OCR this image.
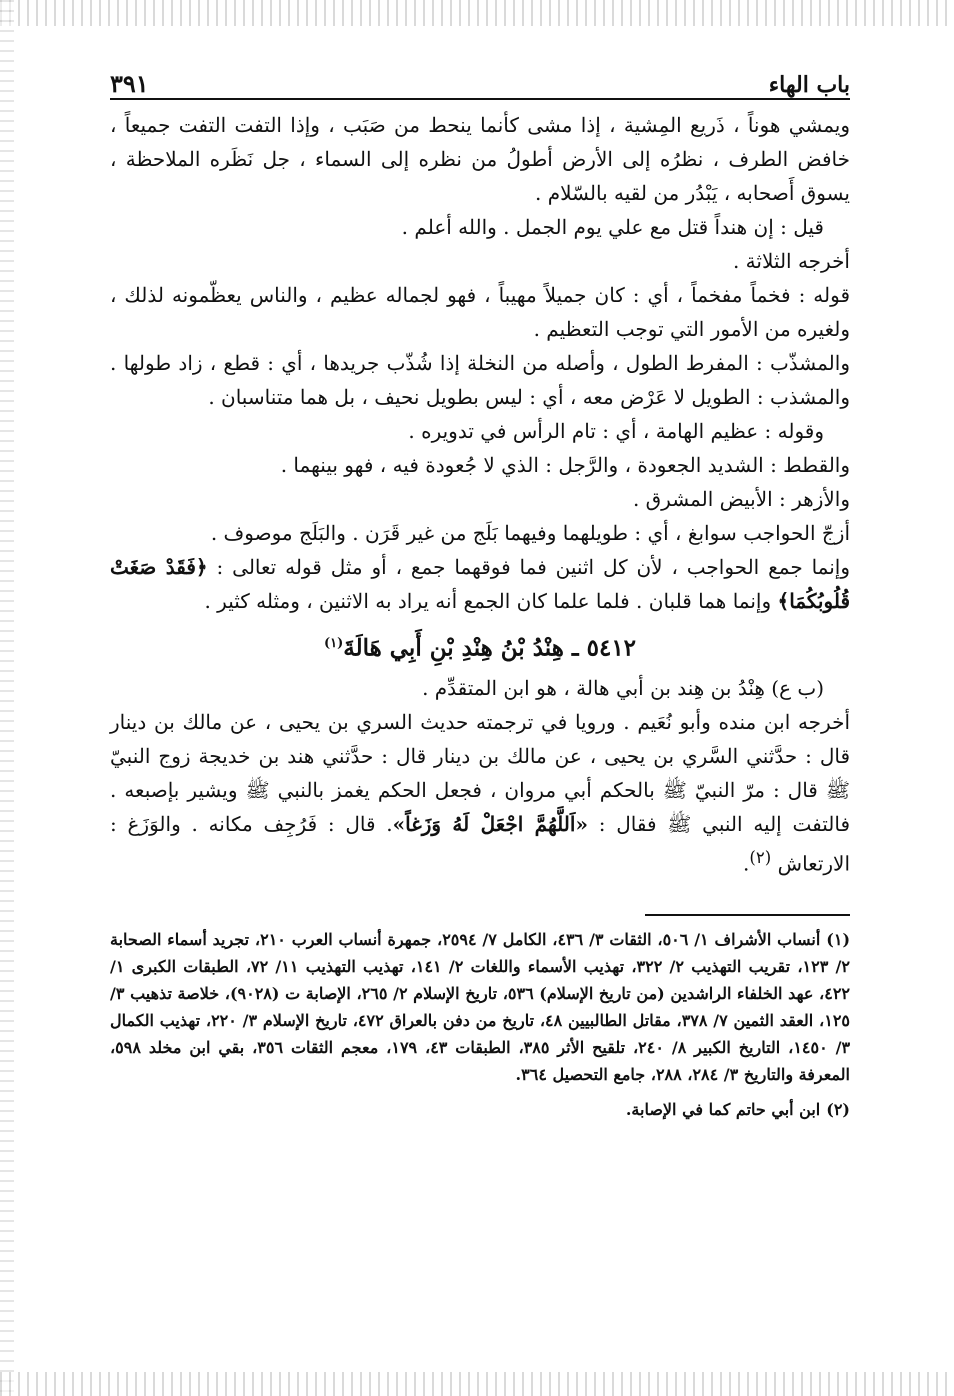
باب الهاء
٣٩١

ويمشي هوناً ، ذَريع المِشية ، إذا مشى كأنما ينحط من صَبَب ، وإذا التفت التفت جميعاً ، خافض الطرف ، نظرُه إلى الأرض أطولُ من نظره إلى السماء ، جل نَظَره الملاحظة ، يسوق أَصحابه ، يَبْدُر من لقيه بالسّلام .

قيل : إن هنداً قتل مع علي يوم الجمل . والله أعلم .

أخرجه الثلاثة .

قوله : فخماً مفخماً ، أي : كان جميلاً مهيباً ، فهو لجماله عظيم ، والناس يعظّمونه لذلك ، ولغيره من الأمور التي توجب التعظيم .

والمشذّب : المفرط الطول ، وأصله من النخلة إذا شُذّب جريدها ، أي : قطع ، زاد طولها . والمشذب : الطويل لا عَرْض معه ، أي : ليس بطويل نحيف ، بل هما متناسبان .

وقوله : عظيم الهامة ، أي : تام الرأس في تدويره .

والقطط : الشديد الجعودة ، والرَّجل : الذي لا جُعودة فيه ، فهو بينهما .

والأزهر : الأبيض المشرق .

أزجّ الحواجب سوابغ ، أي : طويلهما وفيهما بَلَج من غير قَرَن . والبَلَج موصوف .

وإنما جمع الحواجب ، لأن كل اثنين فما فوقهما جمع ، أو مثل قوله تعالى : ﴿فَقَدْ صَغَتْ قُلُوبُكُمَا﴾ وإنما هما قلبان . فلما علما كان الجمع أنه يراد به الاثنين ، ومثله كثير .

٥٤١٢ ـ هِنْدُ بْنُ هِنْدِ بْنِ أَبِي هَالَةَ$^{(١)}$

(ب ع) هِنْدُ بن هِند بن أبي هالة ، هو ابن المتقدِّم .

أخرجه ابن منده وأبو نُعَيم . ورويا في ترجمته حديث السري بن يحيى ، عن مالك بن دينار قال : حدَّثني السَّري بن يحيى ، عن مالك بن دينار قال : حدَّثني هند بن خديجة زوج النبيّ ﷺ قال : مرّ النبيّ ﷺ بالحكم أبي مروان ، فجعل الحكم يغمز بالنبي ﷺ ويشير بإصبعه . فالتفت إليه النبي ﷺ فقال : «اَللَّهُمَّ اجْعَلْ لَهُ وَزَغاً». قال : فَرُجِف مكانه . والوَزَغ : الارتعاش $^{(٢)}$.

(١)أنساب الأشراف ١/ ٥٠٦، الثقات ٣/ ٤٣٦، الكامل ٧/ ٢٥٩٤، جمهرة أنساب العرب ٢١٠، تجريد أسماء الصحابة ٢/ ١٢٣، تقريب التهذيب ٢/ ٣٢٢، تهذيب الأسماء واللغات ٢/ ١٤١، تهذيب التهذيب ١١/ ٧٢، الطبقات الكبرى ١/ ٤٢٢، عهد الخلفاء الراشدين (من تاريخ الإسلام) ٥٣٦، تاريخ الإسلام ٢/ ٢٦٥، الإصابة ت (٩٠٢٨)، خلاصة تذهيب ٣/ ١٢٥، العقد الثمين ٧/ ٣٧٨، مقاتل الطالبيين ٤٨، تاريخ من دفن بالعراق ٤٧٢، تاريخ الإسلام ٣/ ٢٢٠، تهذيب الكمال ٣/ ١٤٥٠، التاريخ الكبير ٨/ ٢٤٠، تلقيح الأثر ٣٨٥، الطبقات ٤٣، ١٧٩، معجم الثقات ٣٥٦، بقي ابن مخلد ٥٩٨، المعرفة والتاريخ ٣/ ٢٨٤، ٢٨٨، جامع التحصيل ٣٦٤.

(٢)ابن أبي حاتم كما في الإصابة.
